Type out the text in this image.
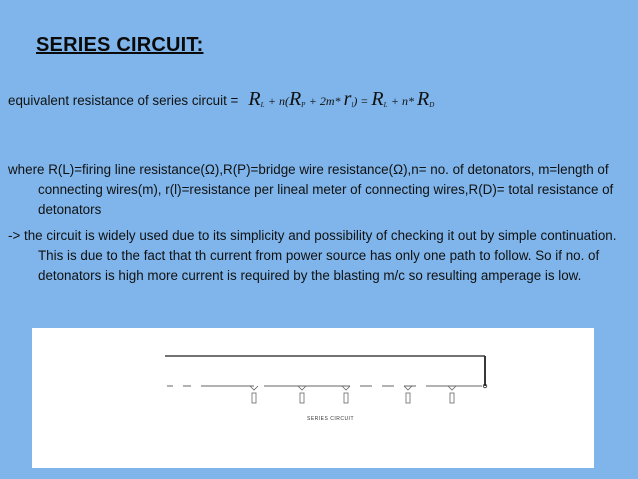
SERIES CIRCUIT:
equivalent resistance of series circuit = $R_L + n(R_P + 2m*$ $r_l) = R_L + n*$ $R_D$
where R(L)=firing line resistance(Ω),R(P)=bridge wire resistance(Ω),n= no. of detonators, m=length of connecting wires(m), r(l)=resistance per lineal meter of connecting wires,R(D)= total resistance of detonators
-> the circuit is widely used due to its simplicity and possibility of checking it out by simple continuation. This is due to the fact that th current from power source has only one path to follow. So if no. of detonators is high more current is required by the blasting m/c so resulting amperage is low.
SERIES CIRCUIT
